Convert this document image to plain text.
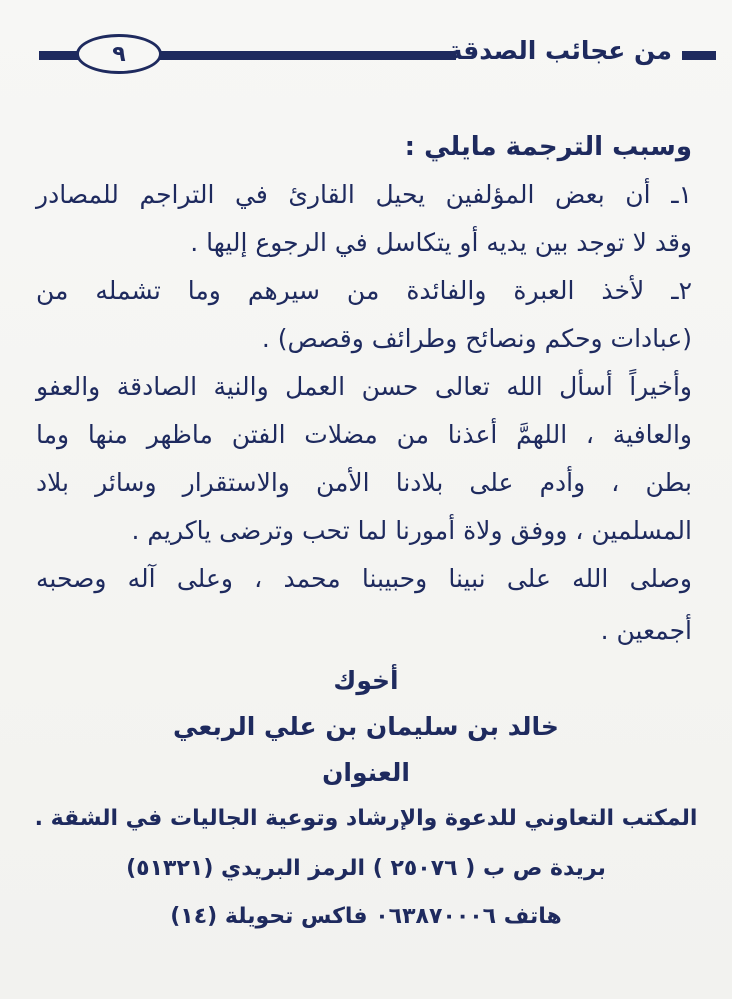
٩	من عجائب الصدقة
وسبب الترجمة مايلي :
١ـ أن بعض المؤلفين يحيل القارئ في التراجم للمصادر
وقد لا توجد بين يديه أو يتكاسل في الرجوع إليها .
٢ـ لأخذ العبرة والفائدة من سيرهم وما تشمله من
(عبادات وحكم ونصائح وطرائف وقصص) .
وأخيراً أسأل الله تعالى حسن العمل والنية الصادقة والعفو
والعافية ، اللهمَّ أعذنا من مضلات الفتن ماظهر منها وما
بطن ، وأدم على بلادنا الأمن والاستقرار وسائر بلاد
المسلمين ، ووفق ولاة أمورنا لما تحب وترضى ياكريم .
وصلى الله على نبينا وحبيبنا محمد ، وعلى آله وصحبه
أجمعين .
أخوك
خالد بن سليمان بن علي الربعي
العنوان
المكتب التعاوني للدعوة والإرشاد وتوعية الجاليات في الشقة .
بريدة ص ب ( ٢٥٠٧٦ ) الرمز البريدي (٥١٣٢١)
هاتف ٠٦٣٨٧٠٠٠٦ فاكس تحويلة (١٤)
